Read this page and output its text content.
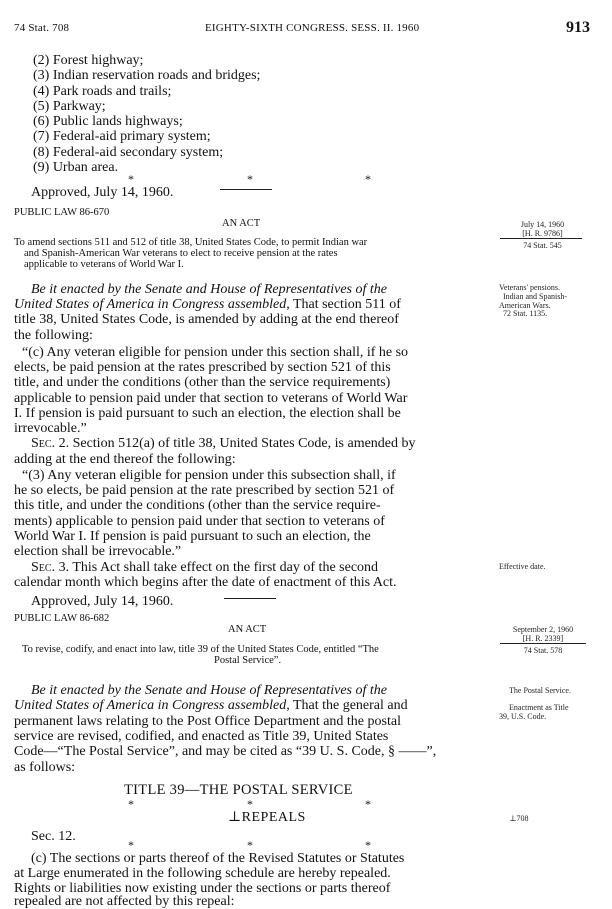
74 Stat. 708	EIGHTY-SIXTH CONGRESS. SESS. II. 1960	913
(2) Forest highway;
(3) Indian reservation roads and bridges;
(4) Park roads and trails;
(5) Parkway;
(6) Public lands highways;
(7) Federal-aid primary system;
(8) Federal-aid secondary system;
(9) Urban area.
*	*	*
Approved, July 14, 1960.
PUBLIC LAW 86-670
AN ACT
To amend sections 511 and 512 of title 38, United States Code, to permit Indian war
and Spanish-American War veterans to elect to receive pension at the rates
applicable to veterans of World War I.
July 14, 1960
[H. R. 9786]
74 Stat. 545
Veterans' pensions.
Indian and Spanish-
American Wars.
72 Stat. 1135.
Be it enacted by the Senate and House of Representatives of the
United States of America in Congress assembled, That section 511 of
title 38, United States Code, is amended by adding at the end thereof
the following:
“(c) Any veteran eligible for pension under this section shall, if he so
elects, be paid pension at the rates prescribed by section 521 of this
title, and under the conditions (other than the service requirements)
applicable to pension paid under that section to veterans of World War
I. If pension is paid pursuant to such an election, the election shall be
irrevocable.”
Sec. 2. Section 512(a) of title 38, United States Code, is amended by
adding at the end thereof the following:
“(3) Any veteran eligible for pension under this subsection shall, if
he so elects, be paid pension at the rate prescribed by section 521 of
this title, and under the conditions (other than the service require-
ments) applicable to pension paid under that section to veterans of
World War I. If pension is paid pursuant to such an election, the
election shall be irrevocable.”
Sec. 3. This Act shall take effect on the first day of the second
calendar month which begins after the date of enactment of this Act.
Effective date.
Approved, July 14, 1960.
PUBLIC LAW 86-682
AN ACT
To revise, codify, and enact into law, title 39 of the United States Code, entitled “The
Postal Service”.
September 2, 1960
[H. R. 2339]
74 Stat. 578
The Postal Service.
Enactment as Title
39, U.S. Code.
Be it enacted by the Senate and House of Representatives of the
United States of America in Congress assembled, That the general and
permanent laws relating to the Post Office Department and the postal
service are revised, codified, and enacted as Title 39, United States
Code—“The Postal Service”, and may be cited as “39 U. S. Code, § ——”,
as follows:
TITLE 39—THE POSTAL SERVICE
*	*	*
⊥REPEALS	⊥708
Sec. 12.
*	*	*
(c) The sections or parts thereof of the Revised Statutes or Statutes
at Large enumerated in the following schedule are hereby repealed.
Rights or liabilities now existing under the sections or parts thereof
repealed are not affected by this repeal:
